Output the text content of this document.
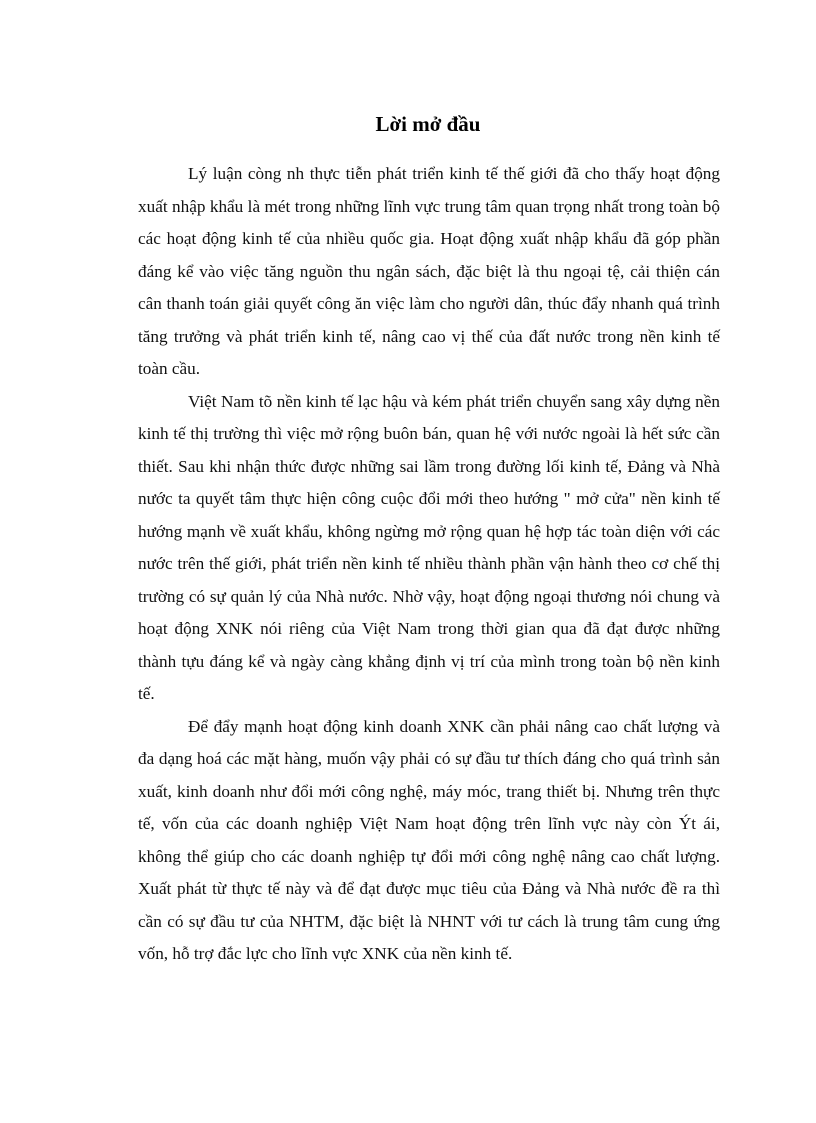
Lời mở đầu

Lý luận còng nh thực tiễn phát triển kinh tế thế giới đã cho thấy hoạt động xuất nhập khẩu là mét trong những lĩnh vực trung tâm quan trọng nhất trong toàn bộ các hoạt động kinh tế của nhiều quốc gia. Hoạt động xuất nhập khẩu đã góp phần đáng kể vào việc tăng nguồn thu ngân sách, đặc biệt là thu ngoại tệ, cải thiện cán cân thanh toán giải quyết công ăn việc làm cho người dân, thúc đẩy nhanh quá trình tăng trưởng và phát triển kinh tế, nâng cao vị thế của đất nước trong nền kinh tế toàn cầu.

Việt Nam tõ nền kinh tế lạc hậu và kém phát triển chuyển sang xây dựng nền kinh tế thị trường thì việc mở rộng buôn bán, quan hệ với nước ngoài là hết sức cần thiết. Sau khi nhận thức được những sai lầm trong đường lối kinh tế, Đảng và Nhà nước ta quyết tâm thực hiện công cuộc đổi mới theo hướng " mở cửa" nền kinh tế hướng mạnh về xuất khẩu, không ngừng mở rộng quan hệ hợp tác toàn diện với các nước trên thế giới, phát triển nền kinh tế nhiều thành phần vận hành theo cơ chế thị trường có sự quản lý của Nhà nước. Nhờ vậy, hoạt động ngoại thương nói chung và hoạt động XNK nói riêng của Việt Nam trong thời gian qua đã đạt được những thành tựu đáng kể và ngày càng khẳng định vị trí của mình trong toàn bộ nền kinh tế.

Để đẩy mạnh hoạt động kinh doanh XNK cần phải nâng cao chất lượng và đa dạng hoá các mặt hàng, muốn vậy phải có sự đầu tư thích đáng cho quá trình sản xuất, kinh doanh như đổi mới công nghệ, máy móc, trang thiết bị. Nhưng trên thực tế, vốn của các doanh nghiệp Việt Nam hoạt động trên lĩnh vực này còn Ýt ái, không thể giúp cho các doanh nghiệp tự đổi mới công nghệ nâng cao chất lượng. Xuất phát từ thực tế này và để đạt được mục tiêu của Đảng và Nhà nước đề ra thì cần có sự đầu tư của NHTM, đặc biệt là NHNT với tư cách là trung tâm cung ứng vốn, hỗ trợ đắc lực cho lĩnh vực XNK của nền kinh tế.
